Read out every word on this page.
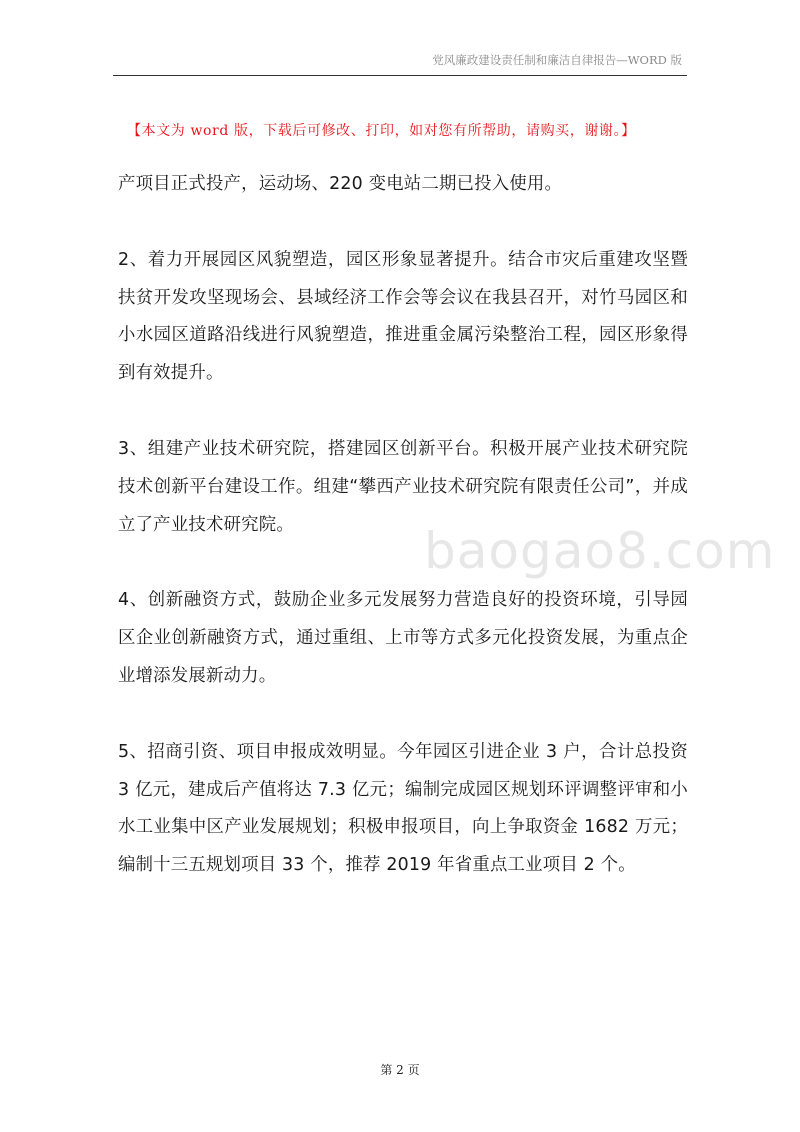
党风廉政建设责任制和廉洁自律报告—WORD 版
【本文为 word 版，下载后可修改、打印，如对您有所帮助，请购买，谢谢。】

产项目正式投产，运动场、220 变电站二期已投入使用。

2、着力开展园区风貌塑造，园区形象显著提升。结合市灾后重建攻坚暨扶贫开发攻坚现场会、县域经济工作会等会议在我县召开，对竹马园区和小水园区道路沿线进行风貌塑造，推进重金属污染整治工程，园区形象得到有效提升。

3、组建产业技术研究院，搭建园区创新平台。积极开展产业技术研究院技术创新平台建设工作。组建“攀西产业技术研究院有限责任公司”，并成立了产业技术研究院。

4、创新融资方式，鼓励企业多元发展努力营造良好的投资环境，引导园区企业创新融资方式，通过重组、上市等方式多元化投资发展，为重点企业增添发展新动力。

5、招商引资、项目申报成效明显。今年园区引进企业 3 户，合计总投资 3 亿元，建成后产值将达 7.3 亿元；编制完成园区规划环评调整评审和小水工业集中区产业发展规划；积极申报项目，向上争取资金 1682 万元；编制十三五规划项目 33 个，推荐 2019 年省重点工业项目 2 个。

baogao8.com
第 2 页
